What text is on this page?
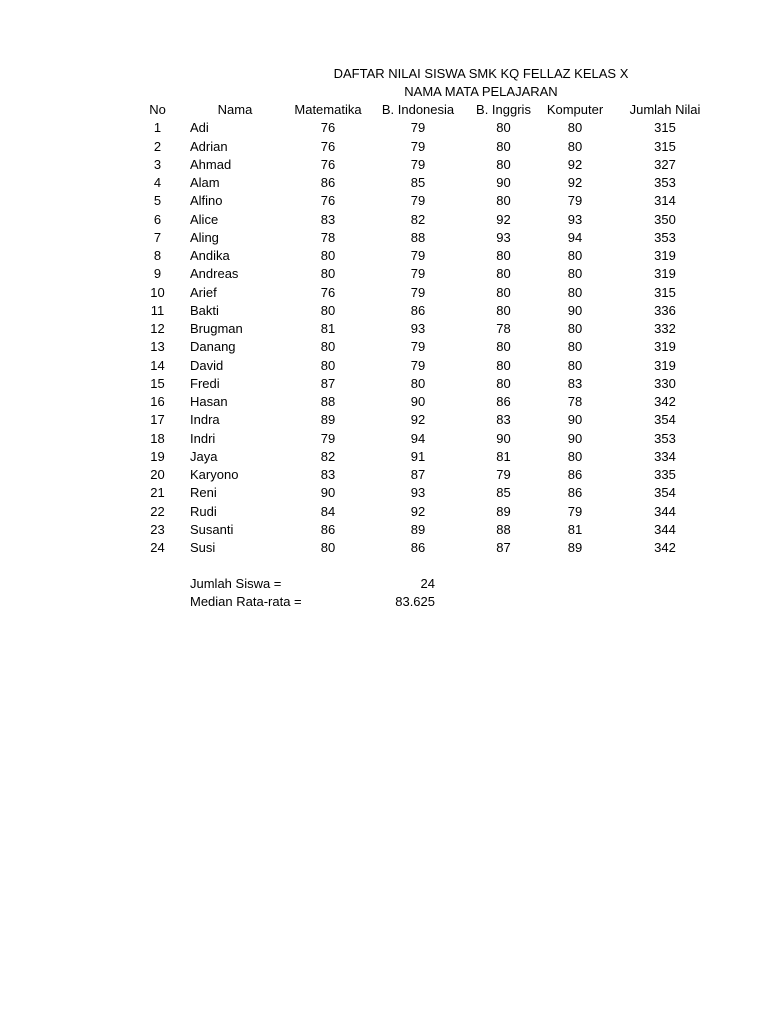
DAFTAR NILAI SISWA SMK KQ FELLAZ KELAS X
NAMA MATA PELAJARAN
No	Nama	Matematika	B. Indonesia	B. Inggris	Komputer	Jumlah Nilai
1	Adi	76	79	80	80	315
2	Adrian	76	79	80	80	315
3	Ahmad	76	79	80	92	327
4	Alam	86	85	90	92	353
5	Alfino	76	79	80	79	314
6	Alice	83	82	92	93	350
7	Aling	78	88	93	94	353
8	Andika	80	79	80	80	319
9	Andreas	80	79	80	80	319
10	Arief	76	79	80	80	315
11	Bakti	80	86	80	90	336
12	Brugman	81	93	78	80	332
13	Danang	80	79	80	80	319
14	David	80	79	80	80	319
15	Fredi	87	80	80	83	330
16	Hasan	88	90	86	78	342
17	Indra	89	92	83	90	354
18	Indri	79	94	90	90	353
19	Jaya	82	91	81	80	334
20	Karyono	83	87	79	86	335
21	Reni	90	93	85	86	354
22	Rudi	84	92	89	79	344
23	Susanti	86	89	88	81	344
24	Susi	80	86	87	89	342
Jumlah Siswa =	24
Median Rata-rata =	83.625
